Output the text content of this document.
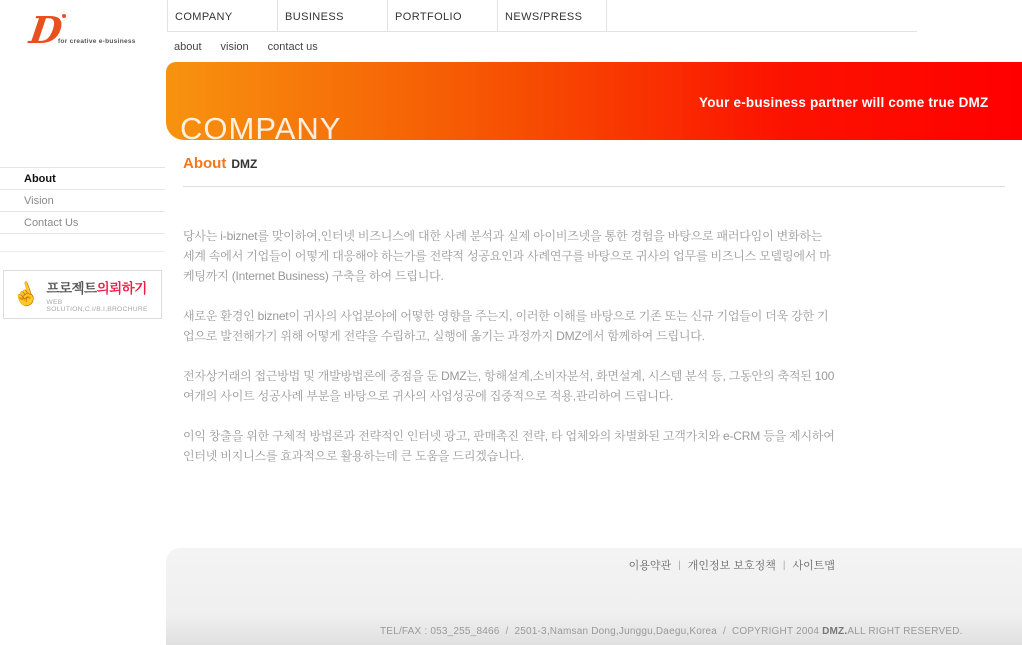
D
for creative e-business
COMPANY	BUSINESS	PORTFOLIO	NEWS/PRESS
about vision contact us
COMPANY
Your e-business partner will come true DMZ
About
Vision
Contact Us
☝ 프로젝트의뢰하기
WEB SOLUTION,C.I/B.I,BROCHURE
About DMZ

당사는 i-biznet를 맞이하여,인터넷 비즈니스에 대한 사례 분석과 실제 아이비즈넷을 통한 경험을 바탕으로 패러다임이 변화하는 세계 속에서 기업들이 어떻게 대응해야 하는가를 전략적 성공요인과 사례연구를 바탕으로 귀사의 업무를 비즈니스 모델링에서 마케팅까지 (Internet Business) 구축을 하여 드립니다.

새로운 환경인 biznet이 귀사의 사업분야에 어떻한 영향을 주는지, 이러한 이해를 바탕으로 기존 또는 신규 기업들이 더욱 강한 기업으로 발전해가기 위해 어떻게 전략을 수립하고, 실행에 옮기는 과정까지 DMZ에서 함께하여 드립니다.

전자상거래의 접근방법 및 개발방법론에 중점을 둔 DMZ는, 항해설계,소비자분석, 화면설계, 시스템 분석 등, 그동안의 축적된 100여개의 사이트 성공사례 부분을 바탕으로 귀사의 사업성공에 집중적으로 적용,관리하여 드립니다.

이익 창출을 위한 구체적 방법론과 전략적인 인터넷 광고, 판매촉진 전략, 타 업체와의 차별화된 고객가치와 e-CRM 등을 제시하여 인터넷 비지니스를 효과적으로 활용하는데 큰 도움을 드리겠습니다.

이용약관 | 개인정보 보호정책 | 사이트맵
TEL/FAX : 053_255_8466 / 2501-3,Namsan Dong,Junggu,Daegu,Korea / COPYRIGHT 2004 DMZ.ALL RIGHT RESERVED.
